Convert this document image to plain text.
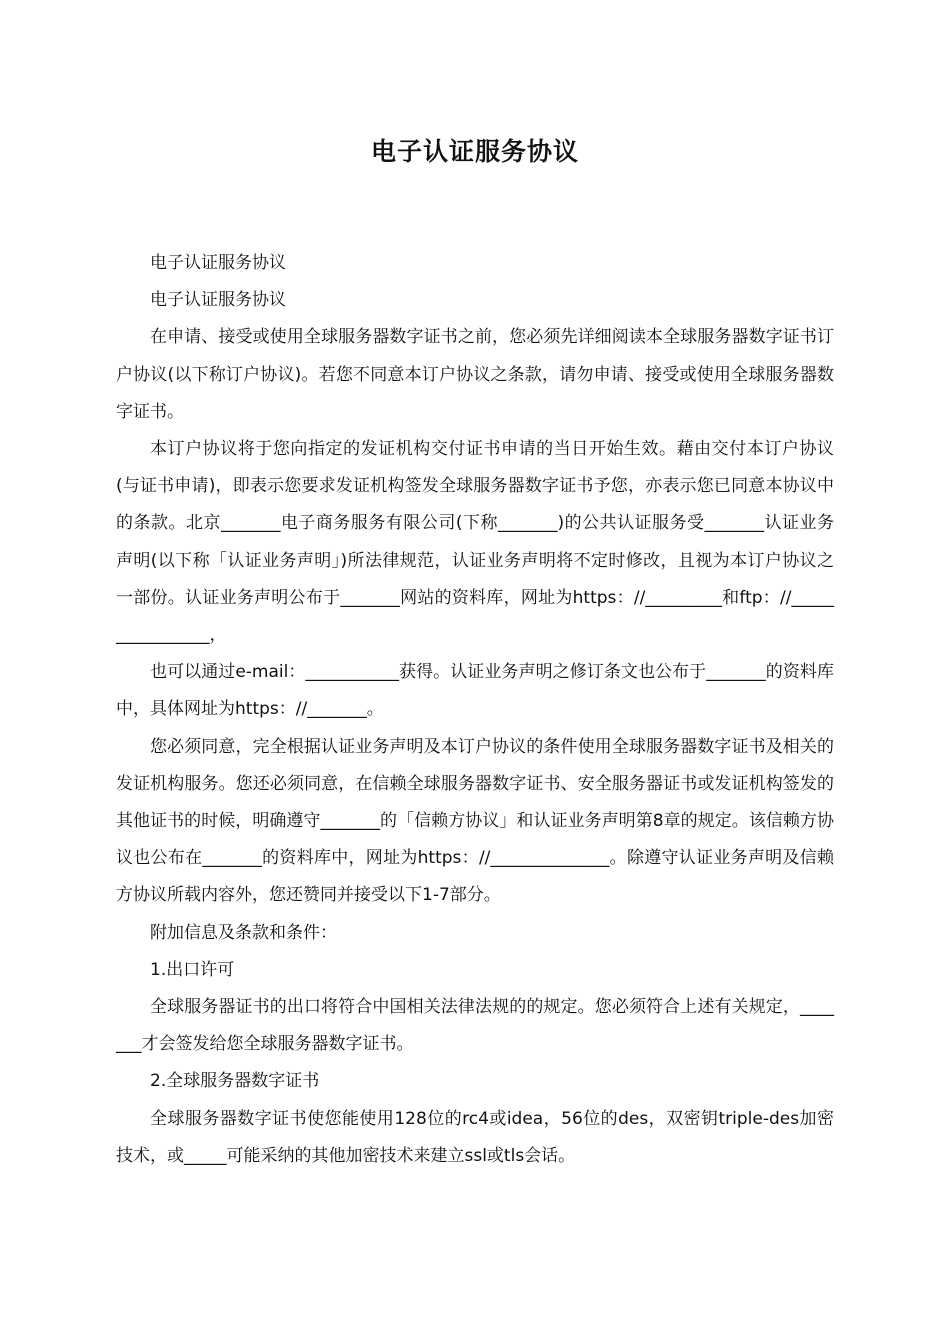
电子认证服务协议

电子认证服务协议

电子认证服务协议

在申请、接受或使用全球服务器数字证书之前，您必须先详细阅读本全球服务器数字证书订户协议(以下称订户协议)。若您不同意本订户协议之条款，请勿申请、接受或使用全球服务器数字证书。

本订户协议将于您向指定的发证机构交付证书申请的当日开始生效。藉由交付本订户协议(与证书申请)，即表示您要求发证机构签发全球服务器数字证书予您，亦表示您已同意本协议中的条款。北京_______电子商务服务有限公司(下称_______)的公共认证服务受_______认证业务声明(以下称「认证业务声明」)所法律规范，认证业务声明将不定时修改，且视为本订户协议之一部份。认证业务声明公布于_______网站的资料库，网址为https：//_________和ftp：//________________，

也可以通过e-mail：___________获得。认证业务声明之修订条文也公布于_______的资料库中，具体网址为https：//_______。

您必须同意，完全根据认证业务声明及本订户协议的条件使用全球服务器数字证书及相关的发证机构服务。您还必须同意，在信赖全球服务器数字证书、安全服务器证书或发证机构签发的其他证书的时候，明确遵守_______的「信赖方协议」和认证业务声明第8章的规定。该信赖方协议也公布在_______的资料库中，网址为https：//______________。除遵守认证业务声明及信赖方协议所载内容外，您还赞同并接受以下1-7部分。

附加信息及条款和条件：

1.出口许可

全球服务器证书的出口将符合中国相关法律法规的的规定。您必须符合上述有关规定，_______才会签发给您全球服务器数字证书。

2.全球服务器数字证书

全球服务器数字证书使您能使用128位的rc4或idea，56位的des，双密钥triple-des加密技术，或_____可能采纳的其他加密技术来建立ssl或tls会话。
